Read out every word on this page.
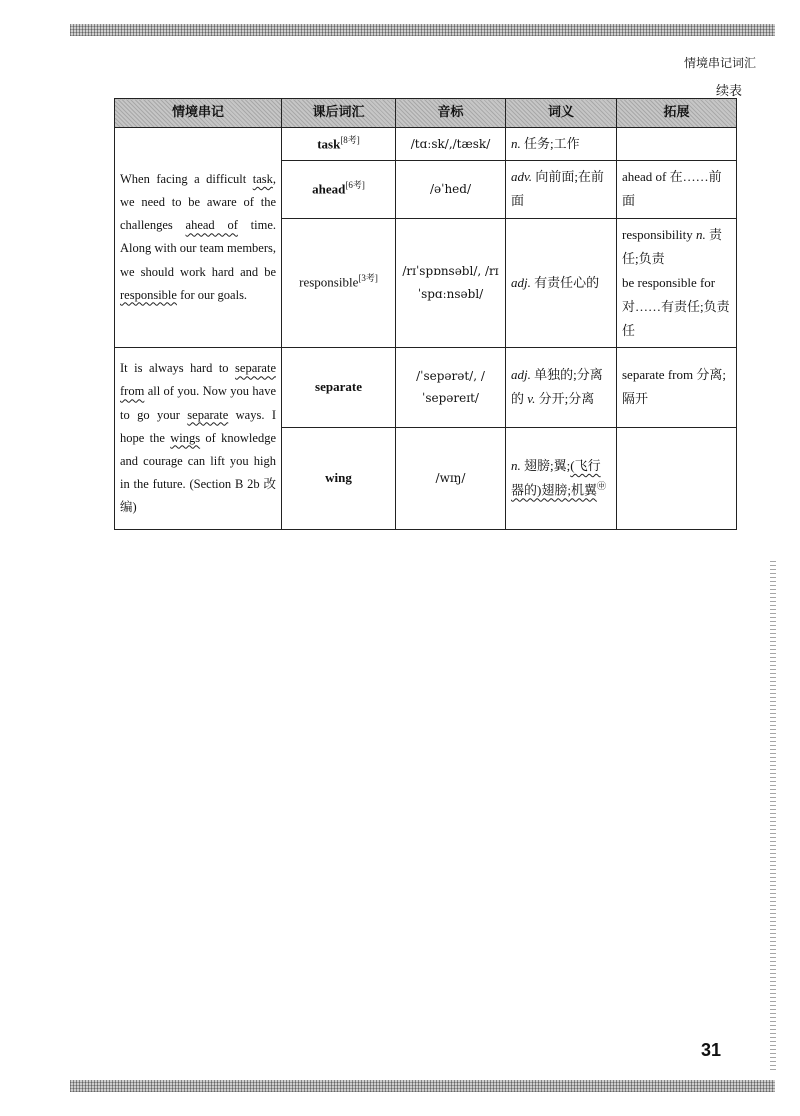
情境串记词汇
续表
情境串记	课后词汇	音标	词义	拓展
When facing a difficult task, we need to be aware of the challenges ahead of time. Along with our team members, we should work hard and be responsible for our goals.	task[8考]	/tɑːsk/,/tæsk/	n. 任务;工作	
	ahead[6考]	/əˈhed/	adv. 向前面;在前面	ahead of 在……前面
	responsible[3考]	/rɪˈspɒnsəbl/, /rɪˈspɑːnsəbl/	adj. 有责任心的	responsibility n. 责任;负责
be responsible for 对……有责任;负责任
It is always hard to separate from all of you. Now you have to go your separate ways. I hope the wings of knowledge and courage can lift you high in the future. (Section B 2b 改编)	separate	/ˈsepərət/, /ˈsepəreɪt/	adj. 单独的;分离的 v. 分开;分离	separate from 分离;隔开
	wing	/wɪŋ/	n. 翅膀;翼;(飞行器的)翅膀;机翼㊥	
31
